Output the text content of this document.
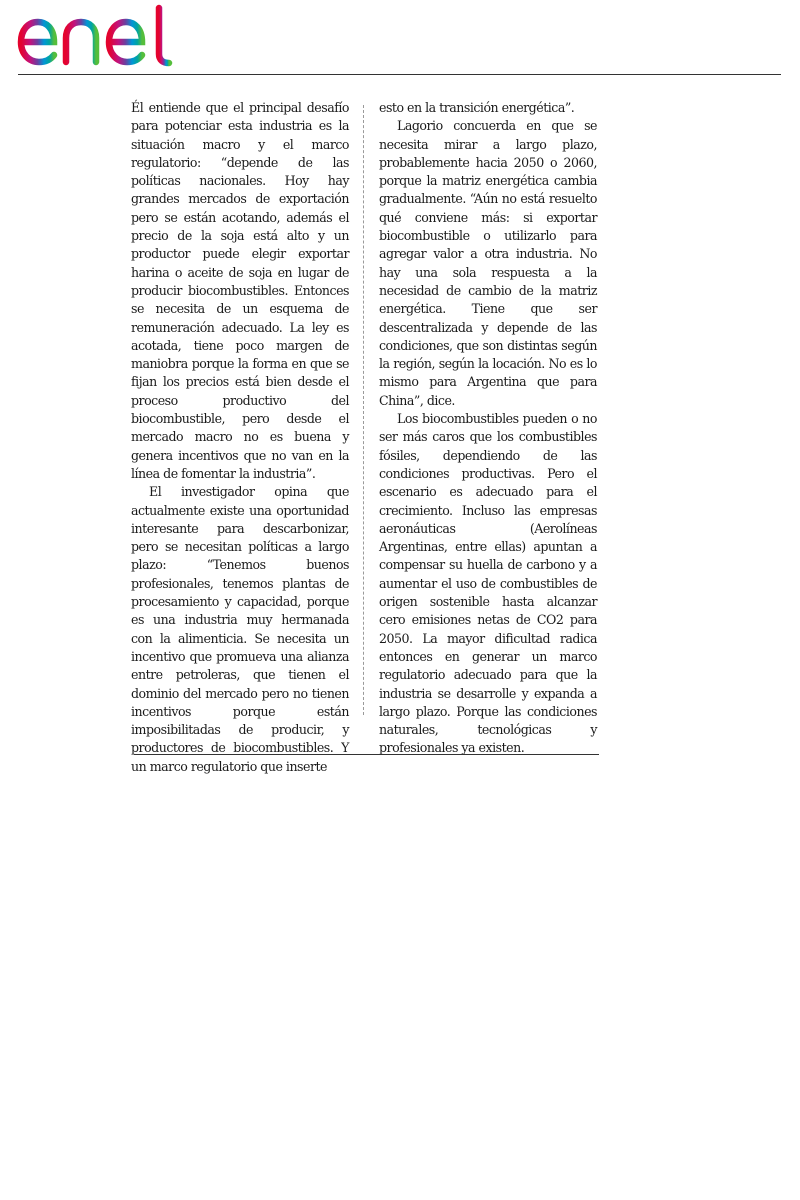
Él entiende que el principal desafío para potenciar esta industria es la situación macro y el marco regulatorio: “depende de las políticas nacionales. Hoy hay grandes mercados de exportación pero se están acotando, además el precio de la soja está alto y un productor puede elegir exportar harina o aceite de soja en lugar de producir biocombustibles. Entonces se necesita de un esquema de remuneración adecuado. La ley es acotada, tiene poco margen de maniobra porque la forma en que se fijan los precios está bien desde el proceso productivo del biocombustible, pero desde el mercado macro no es buena y genera incentivos que no van en la línea de fomentar la industria”.

El investigador opina que actualmente existe una oportunidad interesante para descarbonizar, pero se necesitan políticas a largo plazo: “Tenemos buenos profesionales, tenemos plantas de procesamiento y capacidad, porque es una industria muy hermanada con la alimenticia. Se necesita un incentivo que promueva una alianza entre petroleras, que tienen el dominio del mercado pero no tienen incentivos porque están imposibilitadas de producir, y productores de biocombustibles. Y un marco regulatorio que inserte

esto en la transición energética”.

Lagorio concuerda en que se necesita mirar a largo plazo, probablemente hacia 2050 o 2060, porque la matriz energética cambia gradualmente. “Aún no está resuelto qué conviene más: si exportar biocombustible o utilizarlo para agregar valor a otra industria. No hay una sola respuesta a la necesidad de cambio de la matriz energética. Tiene que ser descentralizada y depende de las condiciones, que son distintas según la región, según la locación. No es lo mismo para Argentina que para China”, dice.

Los biocombustibles pueden o no ser más caros que los combustibles fósiles, dependiendo de las condiciones productivas. Pero el escenario es adecuado para el crecimiento. Incluso las empresas aeronáuticas (Aerolíneas Argentinas, entre ellas) apuntan a compensar su huella de carbono y a aumentar el uso de combustibles de origen sostenible hasta alcanzar cero emisiones netas de CO2 para 2050. La mayor dificultad radica entonces en generar un marco regulatorio adecuado para que la industria se desarrolle y expanda a largo plazo. Porque las condiciones naturales, tecnológicas y profesionales ya existen.
